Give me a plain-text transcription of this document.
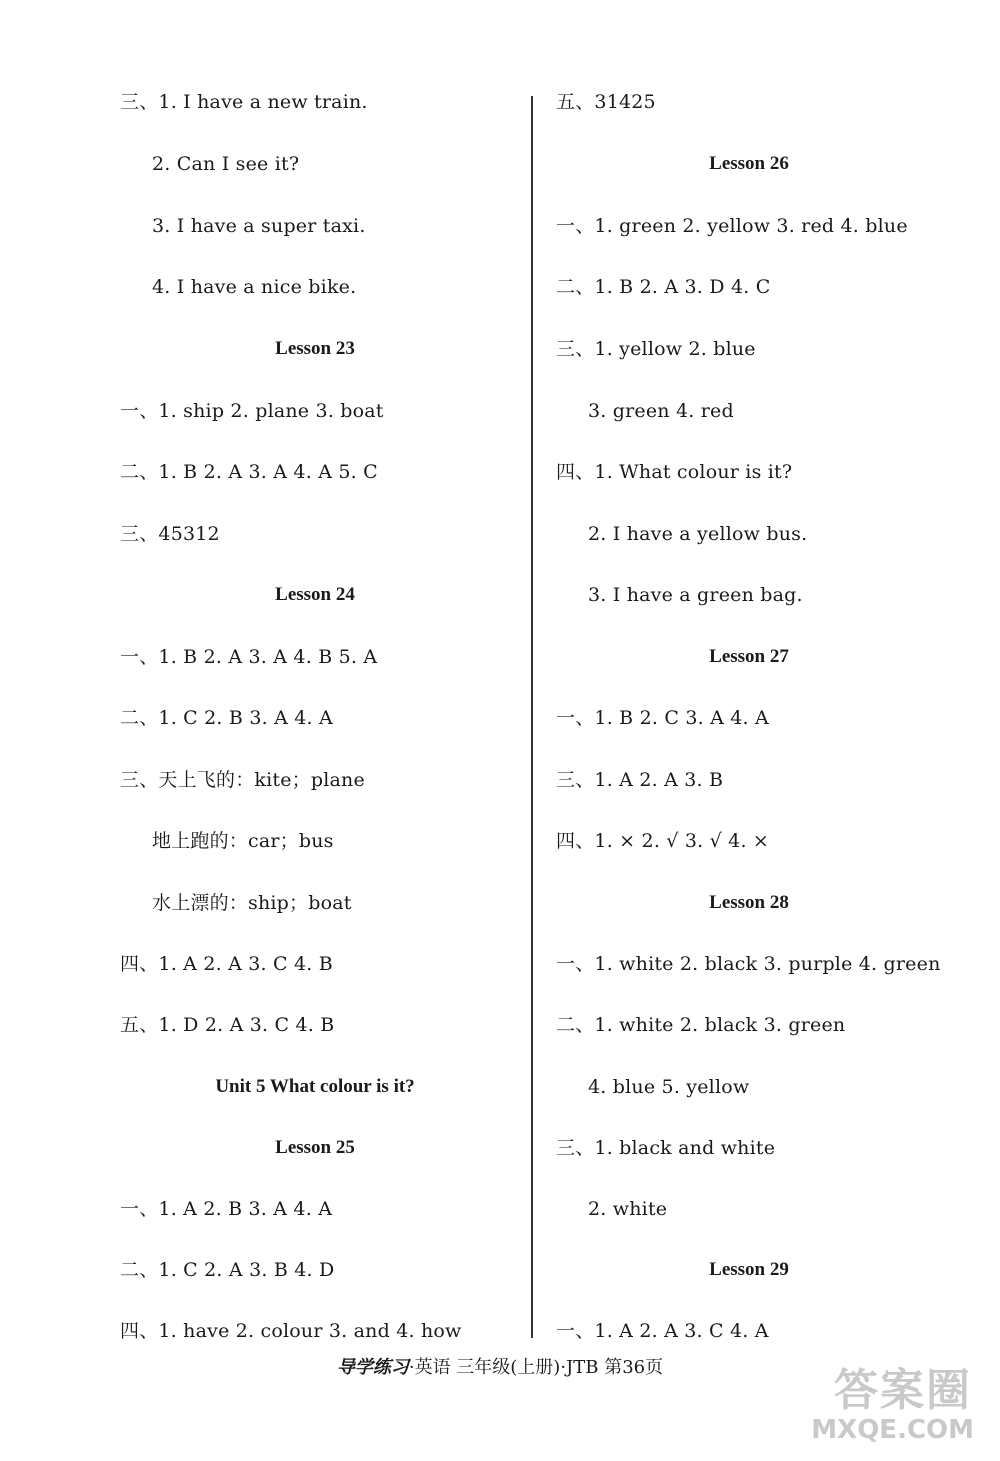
三、1. I have a new train.
2. Can I see it?
3. I have a super taxi.
4. I have a nice bike.
Lesson 23
一、1. ship 2. plane 3. boat
二、1. B 2. A 3. A 4. A 5. C
三、45312
Lesson 24
一、1. B 2. A 3. A 4. B 5. A
二、1. C 2. B 3. A 4. A
三、天上飞的：kite；plane
地上跑的：car；bus
水上漂的：ship；boat
四、1. A 2. A 3. C 4. B
五、1. D 2. A 3. C 4. B
Unit 5 What colour is it?
Lesson 25
一、1. A 2. B 3. A 4. A
二、1. C 2. A 3. B 4. D
四、1. have 2. colour 3. and 4. how
五、31425
Lesson 26
一、1. green 2. yellow 3. red 4. blue
二、1. B 2. A 3. D 4. C
三、1. yellow 2. blue
3. green 4. red
四、1. What colour is it?
2. I have a yellow bus.
3. I have a green bag.
Lesson 27
一、1. B 2. C 3. A 4. A
三、1. A 2. A 3. B
四、1. × 2. √ 3. √ 4. ×
Lesson 28
一、1. white 2. black 3. purple 4. green
二、1. white 2. black 3. green
4. blue 5. yellow
三、1. black and white
2. white
Lesson 29
一、1. A 2. A 3. C 4. A
导学练习·英语 三年级(上册)·JTB 第36页	答案圈
MXQE.COM
